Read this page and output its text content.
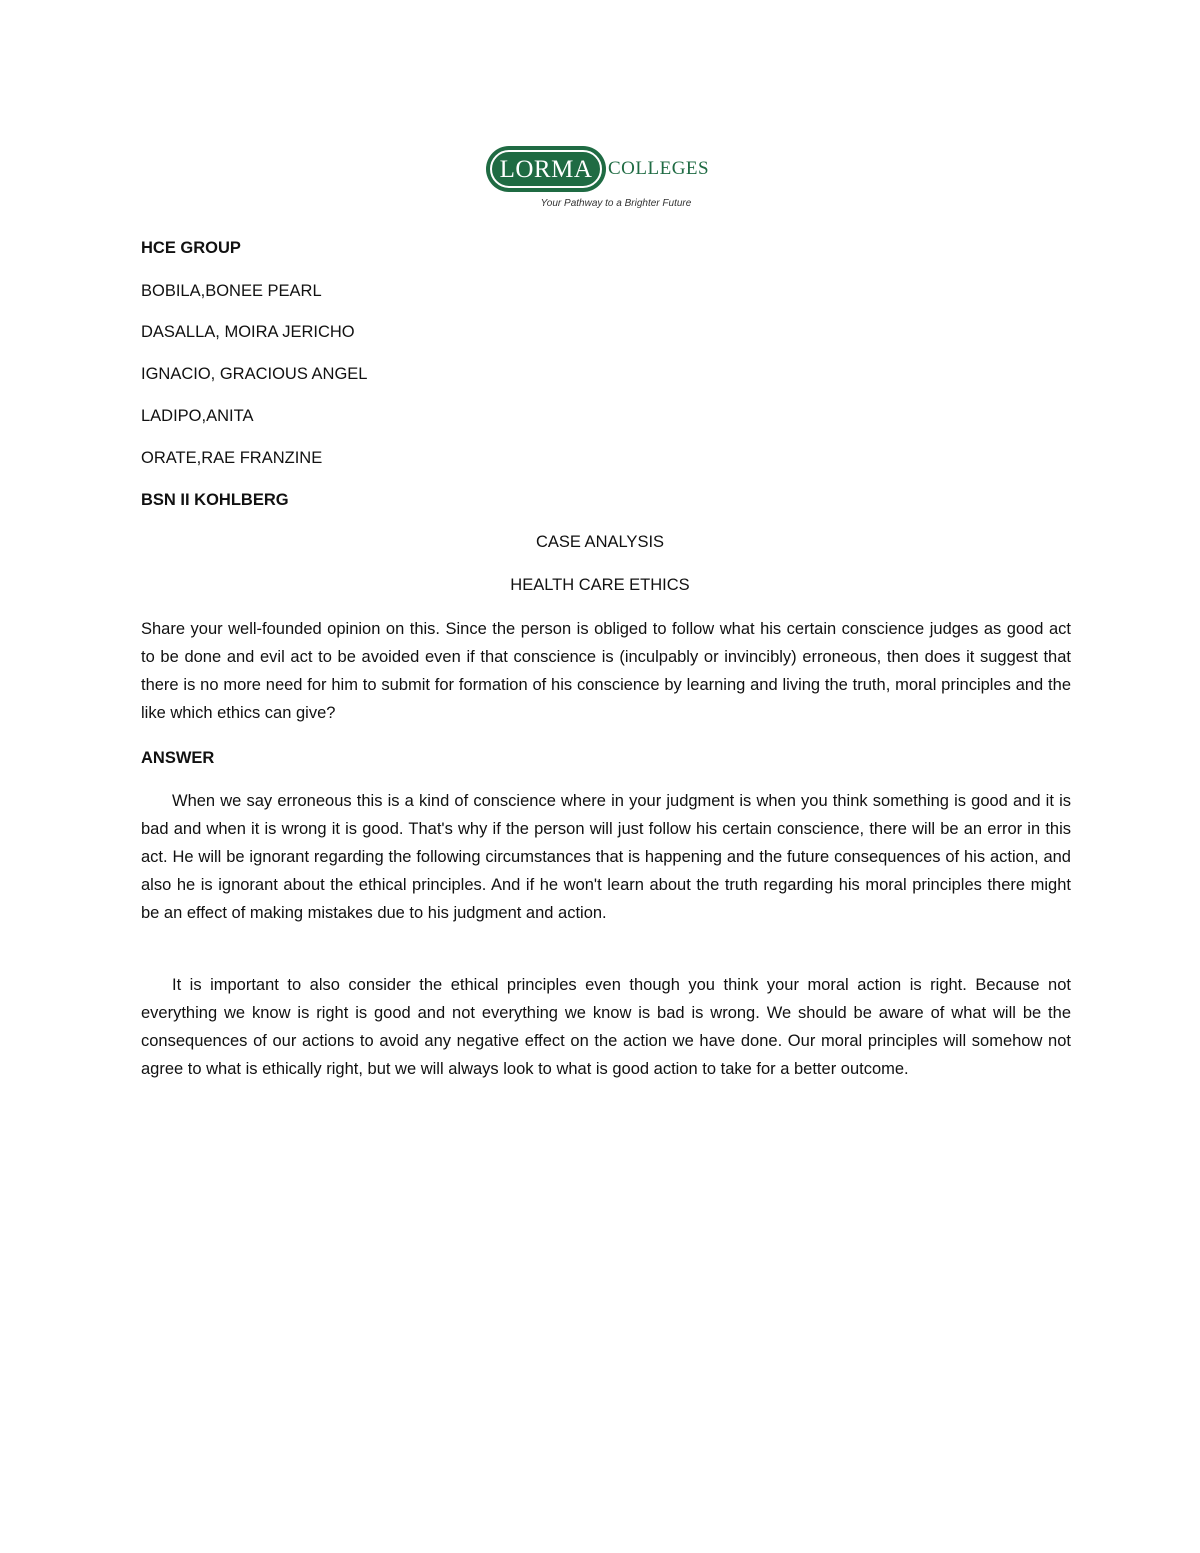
LORMA COLLEGES
Your Pathway to a Brighter Future
HCE GROUP
BOBILA,BONEE PEARL
DASALLA, MOIRA JERICHO
IGNACIO, GRACIOUS ANGEL
LADIPO,ANITA
ORATE,RAE FRANZINE
BSN II KOHLBERG
CASE ANALYSIS
HEALTH CARE ETHICS
Share your well-founded opinion on this. Since the person is obliged to follow what his certain conscience judges as good act to be done and evil act to be avoided even if that conscience is (inculpably or invincibly) erroneous, then does it suggest that there is no more need for him to submit for formation of his conscience by learning and living the truth, moral principles and the like which ethics can give?
ANSWER
When we say erroneous this is a kind of conscience where in your judgment is when you think something is good and it is bad and when it is wrong it is good. That's why if the person will just follow his certain conscience, there will be an error in this act. He will be ignorant regarding the following circumstances that is happening and the future consequences of his action, and also he is ignorant about the ethical principles. And if he won't learn about the truth regarding his moral principles there might be an effect of making mistakes due to his judgment and action.
It is important to also consider the ethical principles even though you think your moral action is right. Because not everything we know is right is good and not everything we know is bad is wrong. We should be aware of what will be the consequences of our actions to avoid any negative effect on the action we have done. Our moral principles will somehow not agree to what is ethically right, but we will always look to what is good action to take for a better outcome.
